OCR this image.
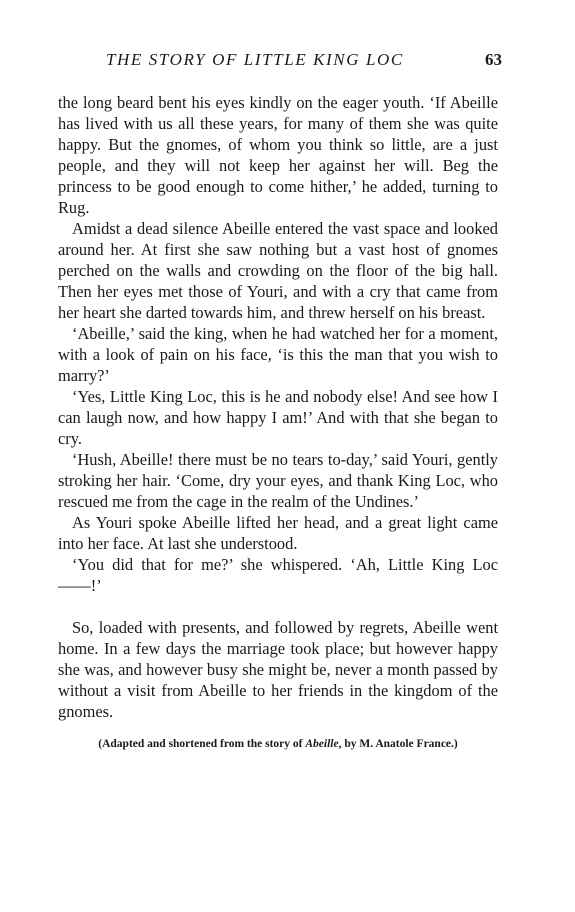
THE STORY OF LITTLE KING LOC	63

the long beard bent his eyes kindly on the eager youth. ‘If Abeille has lived with us all these years, for many of them she was quite happy. But the gnomes, of whom you think so little, are a just people, and they will not keep her against her will. Beg the princess to be good enough to come hither,’ he added, turning to Rug.

Amidst a dead silence Abeille entered the vast space and looked around her. At first she saw nothing but a vast host of gnomes perched on the walls and crowding on the floor of the big hall. Then her eyes met those of Youri, and with a cry that came from her heart she darted towards him, and threw herself on his breast.

‘Abeille,’ said the king, when he had watched her for a moment, with a look of pain on his face, ‘is this the man that you wish to marry?’

‘Yes, Little King Loc, this is he and nobody else! And see how I can laugh now, and how happy I am!’ And with that she began to cry.

‘Hush, Abeille! there must be no tears to-day,’ said Youri, gently stroking her hair. ‘Come, dry your eyes, and thank King Loc, who rescued me from the cage in the realm of the Undines.’

As Youri spoke Abeille lifted her head, and a great light came into her face. At last she understood.

‘You did that for me?’ she whispered. ‘Ah, Little King Loc——!’

So, loaded with presents, and followed by regrets, Abeille went home. In a few days the marriage took place; but however happy she was, and however busy she might be, never a month passed by without a visit from Abeille to her friends in the kingdom of the gnomes.

(Adapted and shortened from the story of Abeille, by M. Anatole France.)
